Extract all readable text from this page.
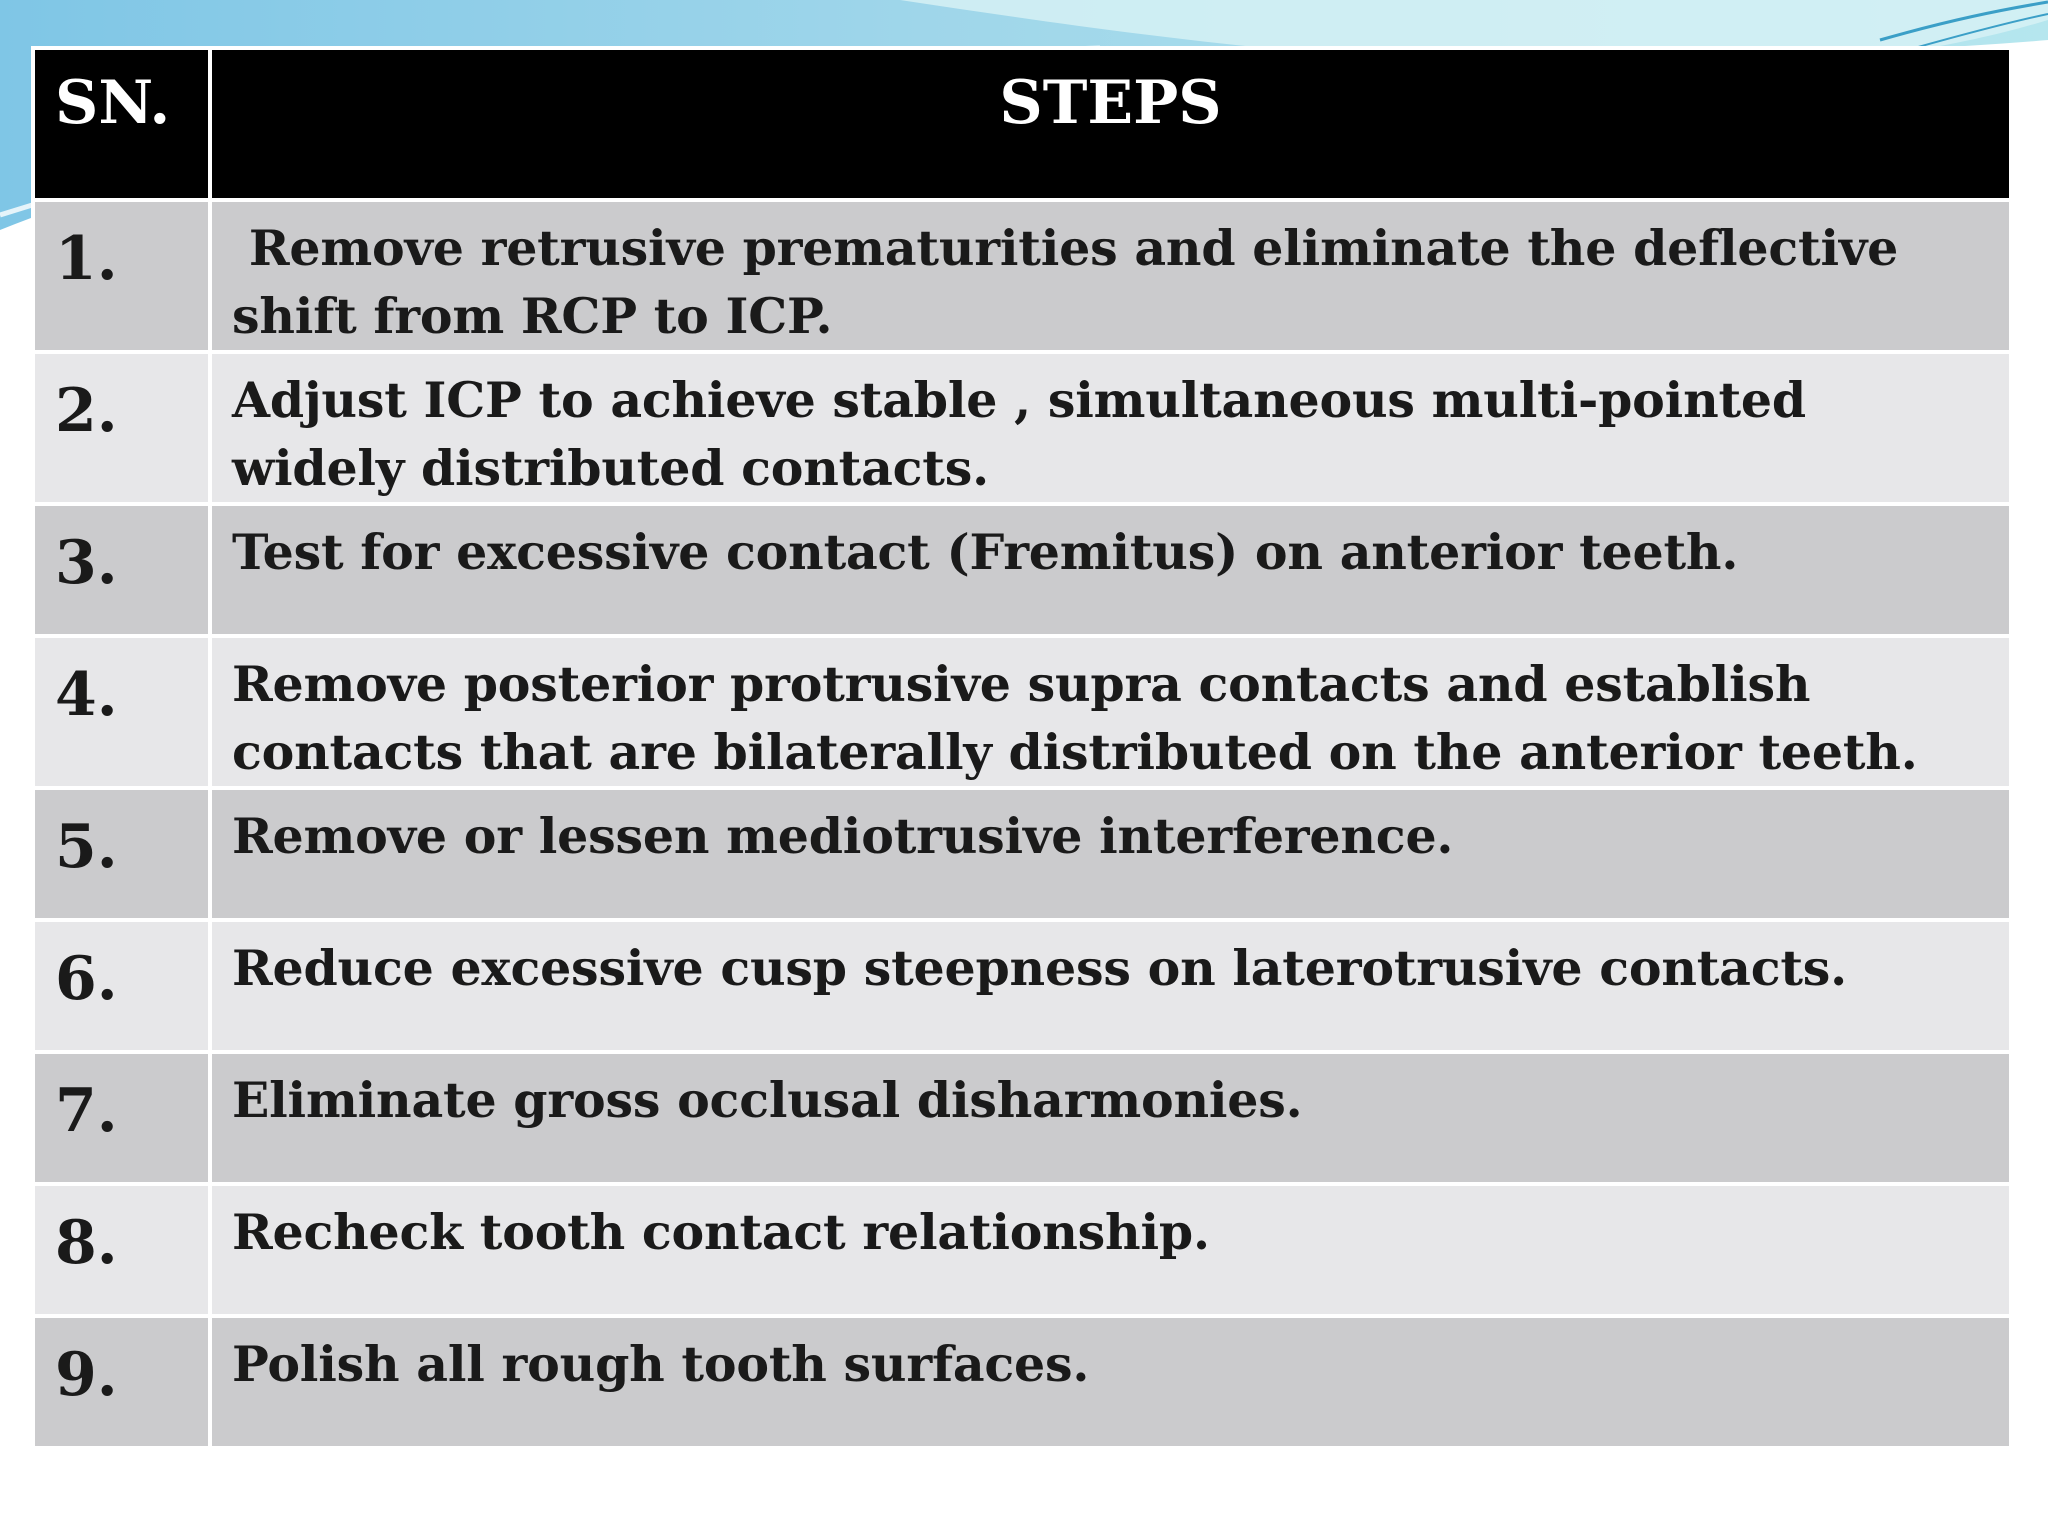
SN.	STEPS
1.	Remove retrusive prematurities and eliminate the deflective shift from RCP to ICP.
2.	Adjust ICP to achieve stable , simultaneous multi-pointed widely distributed contacts.
3.	Test for excessive contact (Fremitus) on anterior teeth.
4.	Remove posterior protrusive supra contacts and establish contacts that are bilaterally distributed on the anterior teeth.
5.	Remove or lessen mediotrusive interference.
6.	Reduce excessive cusp steepness on laterotrusive contacts.
7.	Eliminate gross occlusal disharmonies.
8.	Recheck tooth contact relationship.
9.	Polish all rough tooth surfaces.
